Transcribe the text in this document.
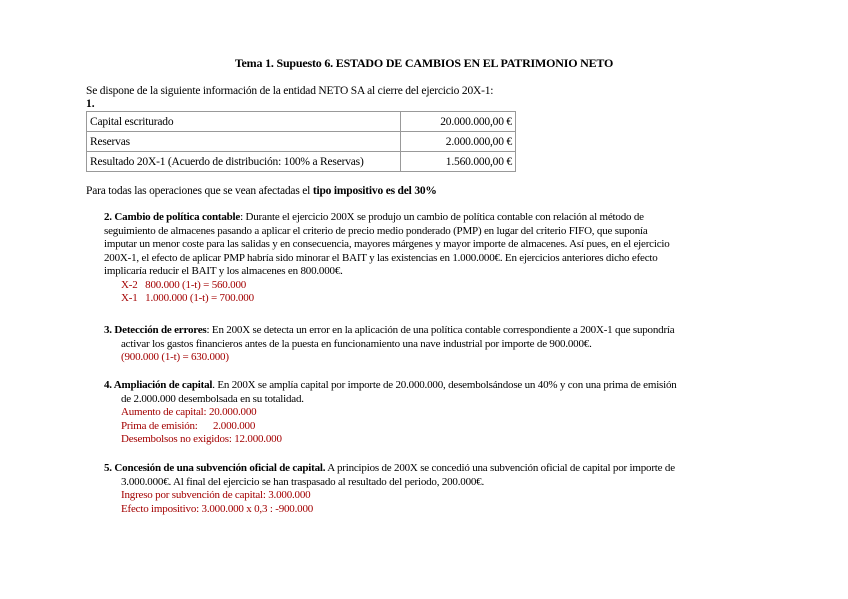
Tema 1. Supuesto 6. ESTADO DE CAMBIOS EN EL PATRIMONIO NETO
Se dispone de la siguiente información de la entidad NETO SA al cierre del ejercicio 20X-1:
1.
Capital escriturado	20.000.000,00 €
Reservas	2.000.000,00 €
Resultado 20X-1 (Acuerdo de distribución: 100% a Reservas)	1.560.000,00 €
Para todas las operaciones que se vean afectadas el tipo impositivo es del 30%
2. Cambio de política contable: Durante el ejercicio 200X se produjo un cambio de política contable con relación al método de
seguimiento de almacenes pasando a aplicar el criterio de precio medio ponderado (PMP) en lugar del criterio FIFO, que suponía
imputar un menor coste para las salidas y en consecuencia, mayores márgenes y mayor importe de almacenes. Así pues, en el ejercicio
200X-1, el efecto de aplicar PMP habría sido minorar el BAIT y las existencias en 1.000.000€. En ejercicios anteriores dicho efecto
implicaría reducir el BAIT y los almacenes en 800.000€.
X-2   800.000 (1-t) = 560.000
X-1   1.000.000 (1-t) = 700.000
3. Detección de errores: En 200X se detecta un error en la aplicación de una política contable correspondiente a 200X-1 que supondría
activar los gastos financieros antes de la puesta en funcionamiento una nave industrial por importe de 900.000€.
(900.000 (1-t) = 630.000)
4. Ampliación de capital. En 200X se amplía capital por importe de 20.000.000, desembolsándose un 40% y con una prima de emisión
de 2.000.000 desembolsada en su totalidad.
Aumento de capital: 20.000.000
Prima de emisión:      2.000.000
Desembolsos no exigidos: 12.000.000
5. Concesión de una subvención oficial de capital. A principios de 200X se concedió una subvención oficial de capital por importe de
3.000.000€. Al final del ejercicio se han traspasado al resultado del periodo, 200.000€.
Ingreso por subvención de capital: 3.000.000
Efecto impositivo: 3.000.000 x 0,3 : -900.000
